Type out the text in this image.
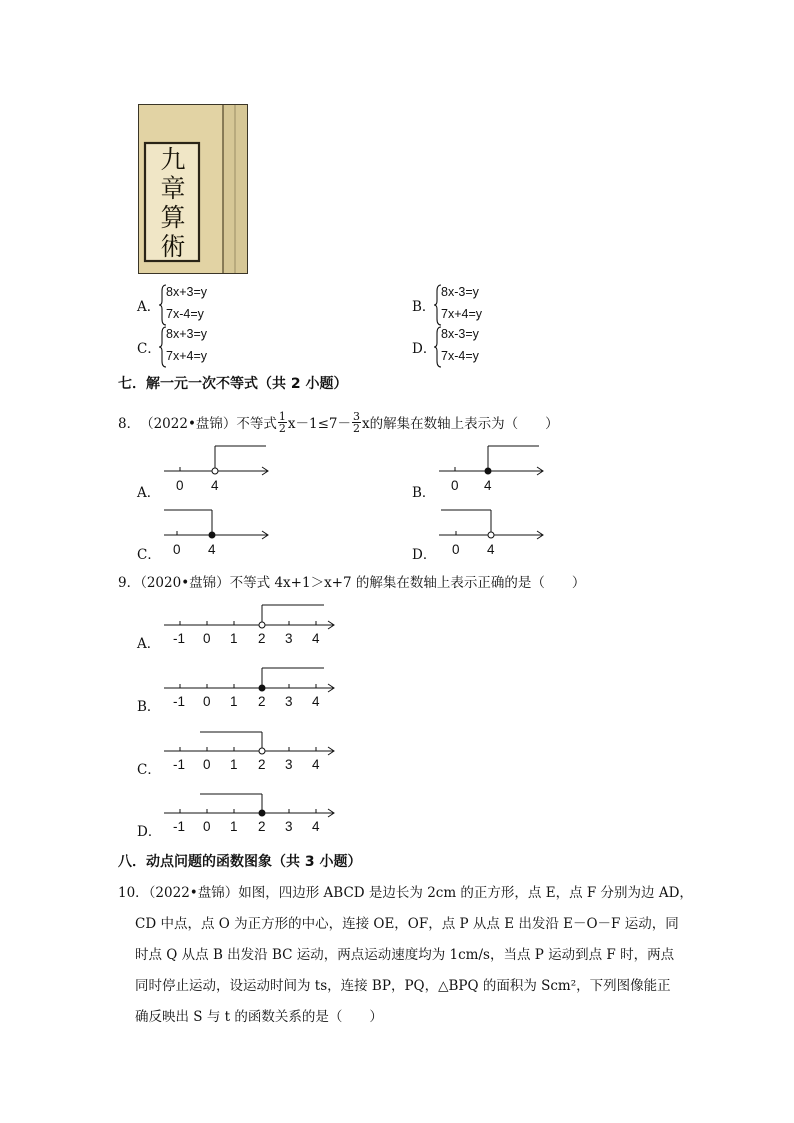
九
章
算
術
A．
8x+3=y
7x-4=y	B．
8x-3=y
7x+4=y
C．
8x+3=y
7x+4=y	D．
8x-3=y
7x-4=y
七．解一元一次不等式（共 2 小题）
8． （2022•盘锦） 不等式 $\frac{1}{2} x-1\le 7- \frac{3}{2}$ x的解集在数轴上表示为（　　）
A． 0 4	B． 0 4
C． 0 4	D． 0 4
9．（2020•盘锦）不等式 4x+1＞x+7 的解集在数轴上表示正确的是（　　）
A． -1 0 1 2 3 4
B． -1 0 1 2 3 4
C． -1 0 1 2 3 4
D． -1 0 1 2 3 4
八．动点问题的函数图象（共 3 小题）
10．（2022•盘锦）如图，四边形 ABCD 是边长为 2cm 的正方形，点 E，点 F 分别为边 AD，
CD 中点，点 O 为正方形的中心，连接 OE，OF，点 P 从点 E 出发沿 E－O－F 运动，同
时点 Q 从点 B 出发沿 BC 运动，两点运动速度均为 1cm/s，当点 P 运动到点 F 时，两点
同时停止运动，设运动时间为 ts，连接 BP，PQ，△BPQ 的面积为 Scm²，下列图像能正
确反映出 S 与 t 的函数关系的是（　　）
